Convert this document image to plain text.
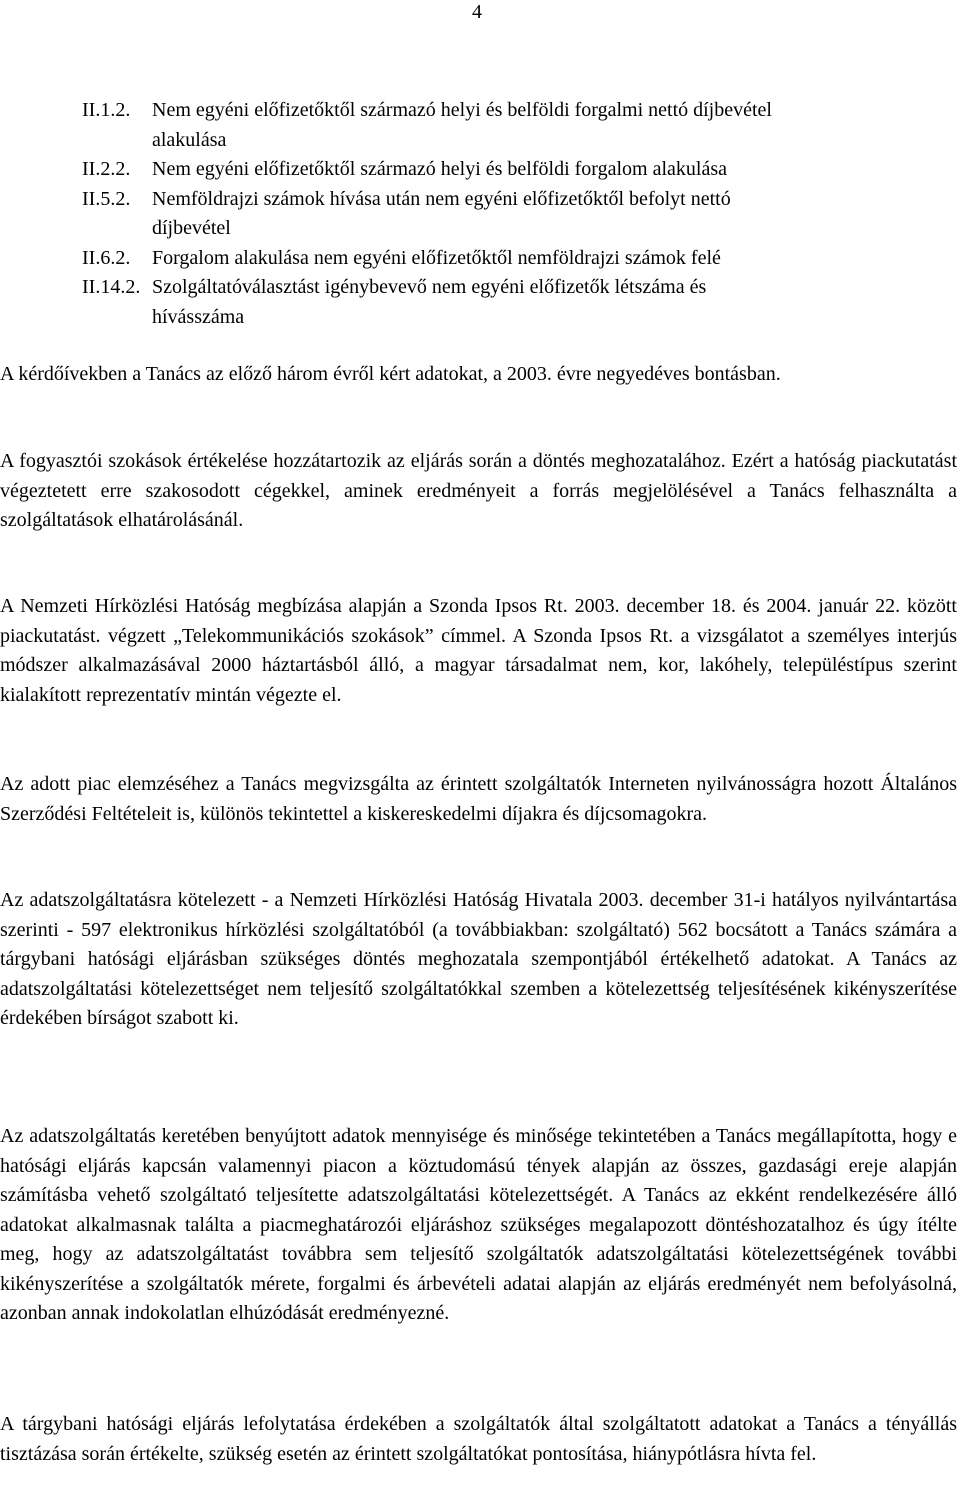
4
II.1.2. Nem egyéni előfizetőktől származó helyi és belföldi forgalmi nettó díjbevétel
alakulása
II.2.2. Nem egyéni előfizetőktől származó helyi és belföldi forgalom alakulása
II.5.2. Nemföldrajzi számok hívása után nem egyéni előfizetőktől befolyt nettó
díjbevétel
II.6.2. Forgalom alakulása nem egyéni előfizetőktől nemföldrajzi számok felé
II.14.2. Szolgáltatóválasztást igénybevevő nem egyéni előfizetők létszáma és
hívásszáma

A kérdőívekben a Tanács az előző három évről kért adatokat, a 2003. évre negyedéves bontásban.

A fogyasztói szokások értékelése hozzátartozik az eljárás során a döntés meghozatalához. Ezért a hatóság piackutatást végeztetett erre szakosodott cégekkel, aminek eredményeit a forrás megjelölésével a Tanács felhasználta a szolgáltatások elhatárolásánál.

A Nemzeti Hírközlési Hatóság megbízása alapján a Szonda Ipsos Rt. 2003. december 18. és 2004. január 22. között piackutatást. végzett „Telekommunikációs szokások” címmel. A Szonda Ipsos Rt. a vizsgálatot a személyes interjús módszer alkalmazásával 2000 háztartásból álló, a magyar társadalmat nem, kor, lakóhely, településtípus szerint kialakított reprezentatív mintán végezte el.

Az adott piac elemzéséhez a Tanács megvizsgálta az érintett szolgáltatók Interneten nyilvánosságra hozott Általános Szerződési Feltételeit is, különös tekintettel a kiskereskedelmi díjakra és díjcsomagokra.

Az adatszolgáltatásra kötelezett - a Nemzeti Hírközlési Hatóság Hivatala 2003. december 31-i hatályos nyilvántartása szerinti - 597 elektronikus hírközlési szolgáltatóból (a továbbiakban: szolgáltató) 562 bocsátott a Tanács számára a tárgybani hatósági eljárásban szükséges döntés meghozatala szempontjából értékelhető adatokat. A Tanács az adatszolgáltatási kötelezettséget nem teljesítő szolgáltatókkal szemben a kötelezettség teljesítésének kikényszerítése érdekében bírságot szabott ki.

Az adatszolgáltatás keretében benyújtott adatok mennyisége és minősége tekintetében a Tanács megállapította, hogy e hatósági eljárás kapcsán valamennyi piacon a köztudomású tények alapján az összes, gazdasági ereje alapján számításba vehető szolgáltató teljesítette adatszolgáltatási kötelezettségét. A Tanács az ekként rendelkezésére álló adatokat alkalmasnak találta a piacmeghatározói eljáráshoz szükséges megalapozott döntéshozatalhoz és úgy ítélte meg, hogy az adatszolgáltatást továbbra sem teljesítő szolgáltatók adatszolgáltatási kötelezettségének további kikényszerítése a szolgáltatók mérete, forgalmi és árbevételi adatai alapján az eljárás eredményét nem befolyásolná, azonban annak indokolatlan elhúzódását eredményezné.

A tárgybani hatósági eljárás lefolytatása érdekében a szolgáltatók által szolgáltatott adatokat a Tanács a tényállás tisztázása során értékelte, szükség esetén az érintett szolgáltatókat pontosítása, hiánypótlásra hívta fel.
